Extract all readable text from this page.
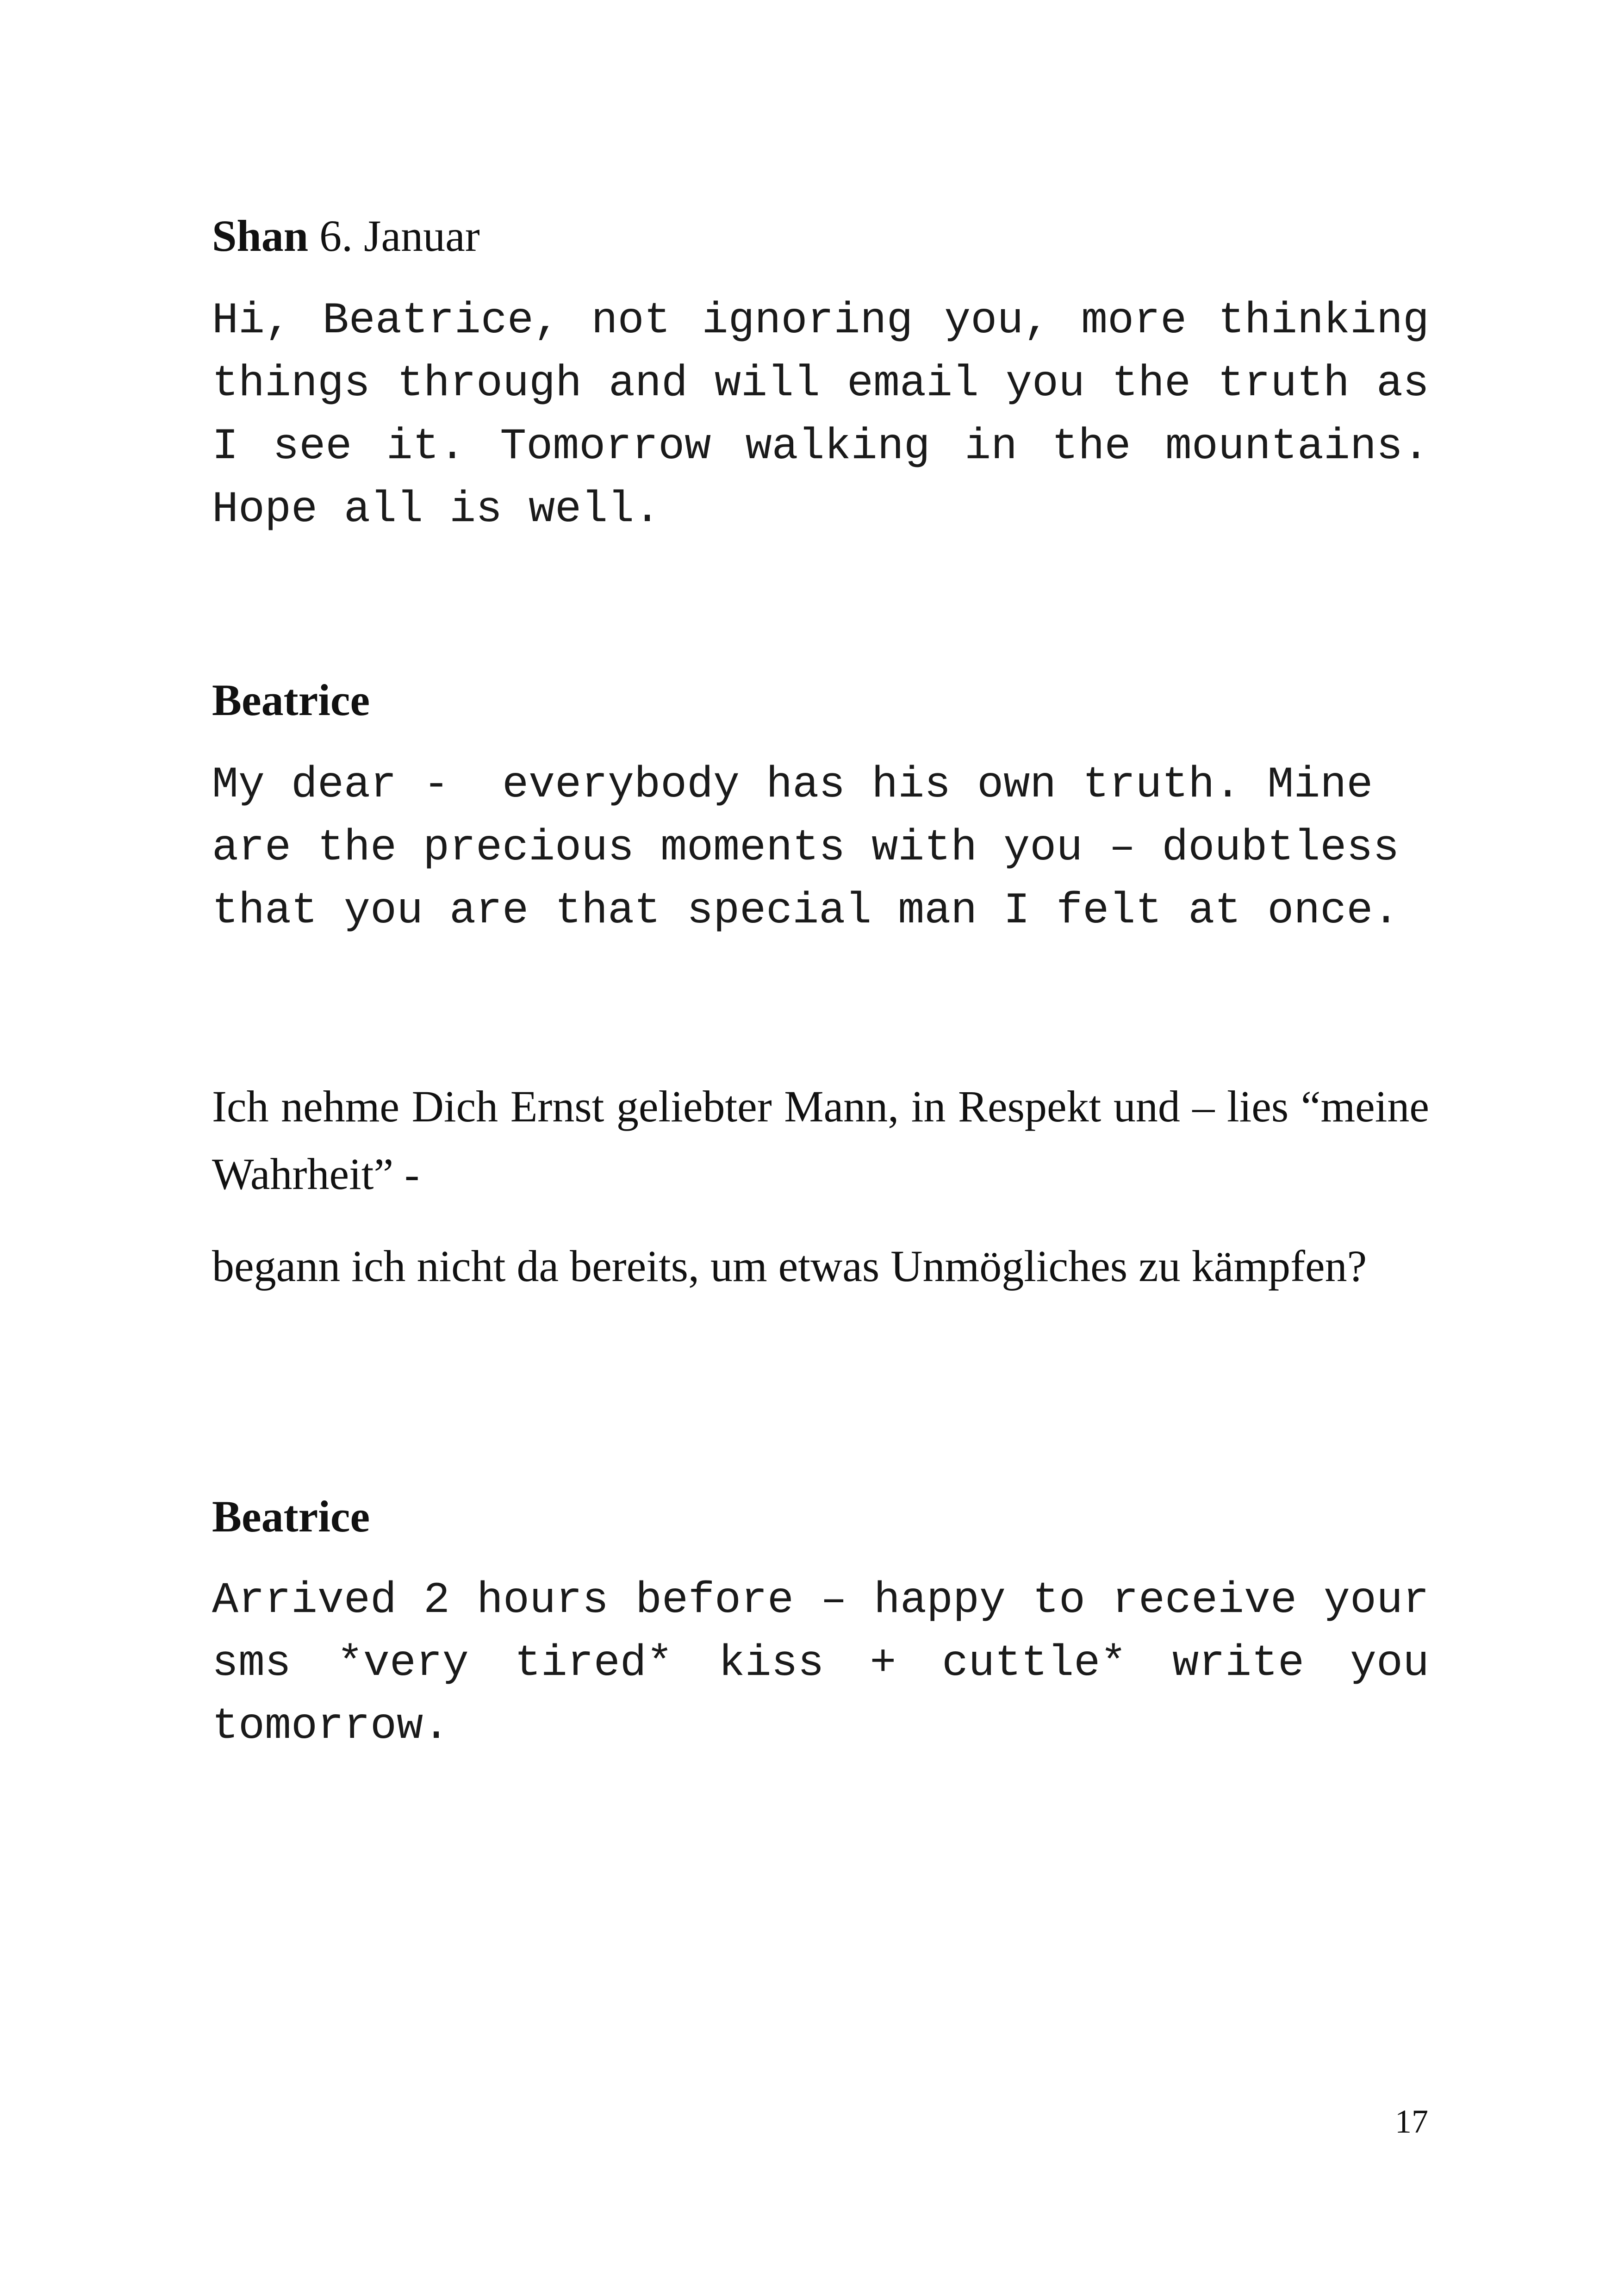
Shan 6. Januar

Hi, Beatrice, not ignoring you, more thinking things through and will email you the truth as I see it. Tomorrow walking in the mountains. Hope all is well.

Beatrice

My dear -  everybody has his own truth. Mine are the precious moments with you – doubtless that you are that special man I felt at once.

Ich nehme Dich Ernst geliebter Mann, in Respekt und – lies “meine Wahrheit” -

begann ich nicht da bereits, um etwas Unmögliches zu kämpfen?

Beatrice

Arrived 2 hours before – happy to receive your sms *very tired* kiss + cuttle* write you tomorrow.

17
